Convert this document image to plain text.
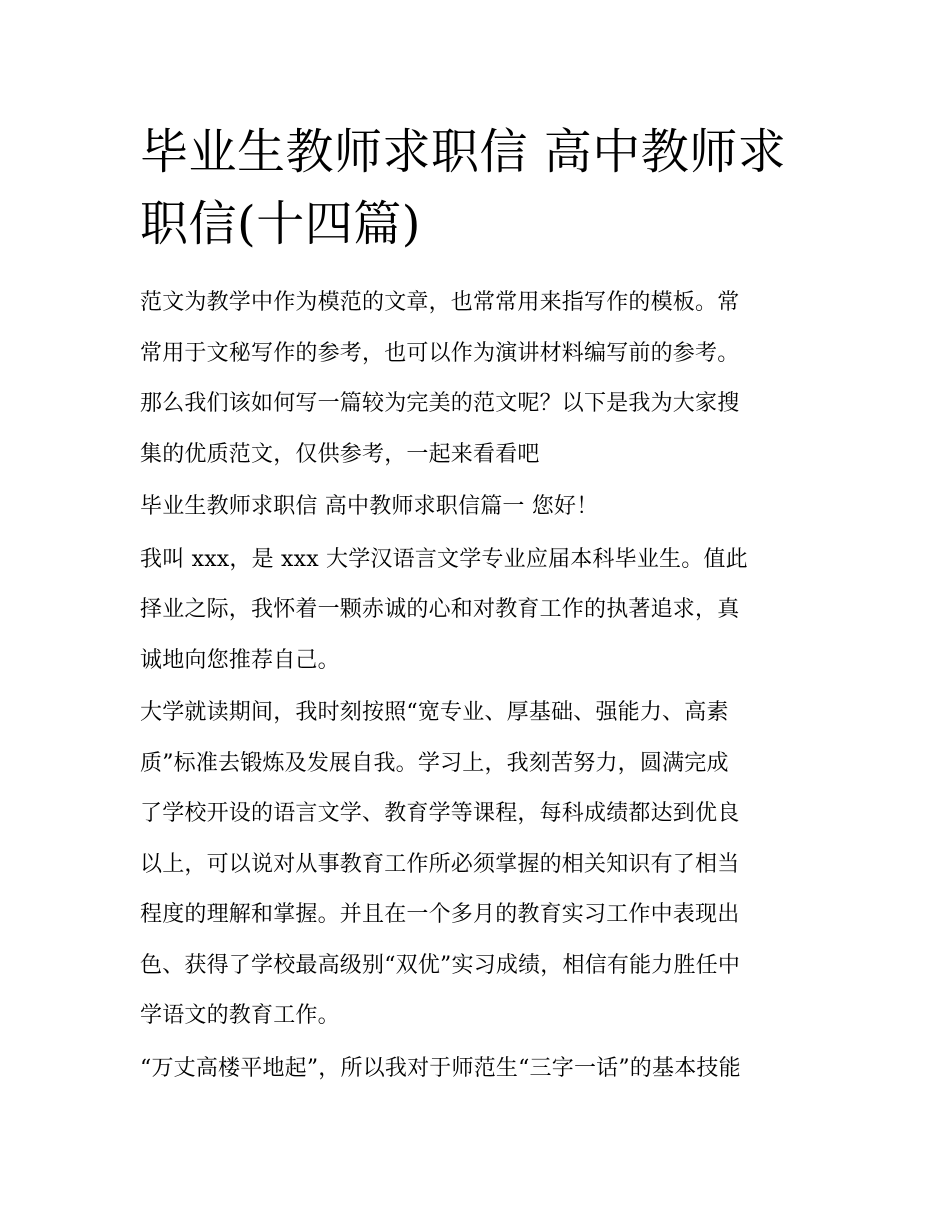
毕业生教师求职信 高中教师求
职信(十四篇)

范文为教学中作为模范的文章，也常常用来指写作的模板。常
常用于文秘写作的参考，也可以作为演讲材料编写前的参考。
那么我们该如何写一篇较为完美的范文呢？以下是我为大家搜
集的优质范文，仅供参考，一起来看看吧

毕业生教师求职信 高中教师求职信篇一 您好！

我叫 xxx，是 xxx 大学汉语言文学专业应届本科毕业生。值此
择业之际，我怀着一颗赤诚的心和对教育工作的执著追求，真
诚地向您推荐自己。

大学就读期间，我时刻按照“宽专业、厚基础、强能力、高素
质”标准去锻炼及发展自我。学习上，我刻苦努力，圆满完成
了学校开设的语言文学、教育学等课程，每科成绩都达到优良
以上，可以说对从事教育工作所必须掌握的相关知识有了相当
程度的理解和掌握。并且在一个多月的教育实习工作中表现出
色、获得了学校最高级别“双优”实习成绩，相信有能力胜任中
学语文的教育工作。

“万丈高楼平地起”，所以我对于师范生“三字一话”的基本技能
